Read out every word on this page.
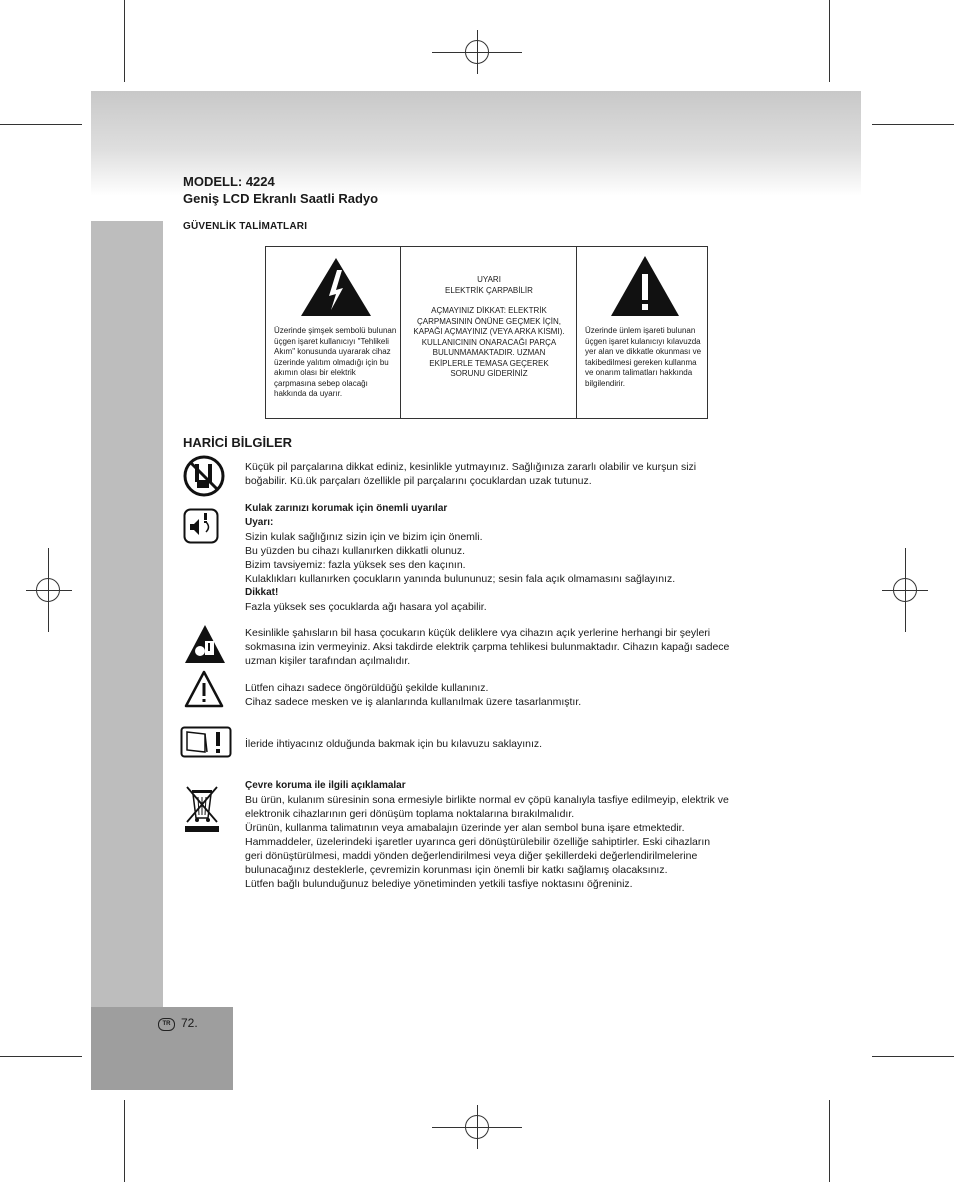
MODELL: 4224
Geniş LCD Ekranlı Saatli Radyo
GÜVENLİK TALİMATLARI
Üzerinde şimşek sembolü bulunan üçgen işaret kullanıcıyı "Tehlikeli Akım" konusunda uyararak cihaz üzerinde yalıtım olmadığı için bu akımın olası bir elektrik çarpmasına sebep olacağı hakkında da uyarır.
UYARI
ELEKTRİK ÇARPABİLİR
AÇMAYINIZ DİKKAT: ELEKTRİK ÇARPMASININ ÖNÜNE GEÇMEK İÇİN, KAPAĞI AÇMAYINIZ (VEYA ARKA KISMI). KULLANICININ ONARACAĞI PARÇA BULUNMAMAKTADIR. UZMAN EKİPLERLE TEMASA GEÇEREK SORUNU GİDERİNİZ
Üzerinde ünlem işareti bulunan üçgen işaret kulanıcıyı kılavuzda yer alan ve dikkatle okunması ve takibedilmesi gereken kullanma ve onarım talimatları hakkında bilgilendirir.
HARİCİ BİLGİLER
Küçük pil parçalarına dikkat ediniz, kesinlikle yutmayınız. Sağlığınıza zararlı olabilir ve kurşun sizi
boğabilir. Kü.ük parçaları özellikle pil parçalarını çocuklardan uzak tutunuz.
Kulak zarınızı korumak için önemli uyarılar
Uyarı:
Sizin kulak sağlığınız sizin için ve bizim için önemli.
Bu yüzden bu cihazı kullanırken dikkatli olunuz.
Bizim tavsiyemiz: fazla yüksek ses den kaçının.
Kulaklıkları kullanırken çocukların yanında bulununuz; sesin fala açık olmamasını sağlayınız.
Dikkat!
Fazla yüksek ses çocuklarda ağı hasara yol açabilir.
Kesinlikle şahısların bil hasa çocukarın küçük deliklere vya cihazın açık yerlerine herhangi bir şeyleri
sokmasına izin vermeyiniz. Aksi takdirde elektrik çarpma tehlikesi bulunmaktadır. Cihazın kapağı sadece
uzman kişiler tarafından açılmalıdır.
Lütfen cihazı sadece öngörüldüğü şekilde kullanınız.
Cihaz sadece mesken ve iş alanlarında kullanılmak üzere tasarlanmıştır.
İleride ihtiyacınız olduğunda bakmak için bu kılavuzu saklayınız.
Çevre koruma ile ilgili açıklamalar
Bu ürün, kulanım süresinin sona ermesiyle birlikte normal ev çöpü kanalıyla tasfiye edilmeyip, elektrik ve
elektronik cihazlarının geri dönüşüm toplama noktalarına bırakılmalıdır.
Ürünün, kullanma talimatının veya amabalajın üzerinde yer alan sembol buna işare etmektedir.
Hammaddeler, üzelerindeki işaretler uyarınca geri dönüştürülebilir özelliğe sahiptirler. Eski cihazların
geri dönüştürülmesi, maddi yönden değerlendirilmesi veya diğer şekillerdeki değerlendirilmelerine
bulunacağınız desteklerle, çevremizin korunması için önemli bir katkı sağlamış olacaksınız.
Lütfen bağlı bulunduğunuz belediye yönetiminden yetkili tasfiye noktasını öğreniniz.
TR 72.
